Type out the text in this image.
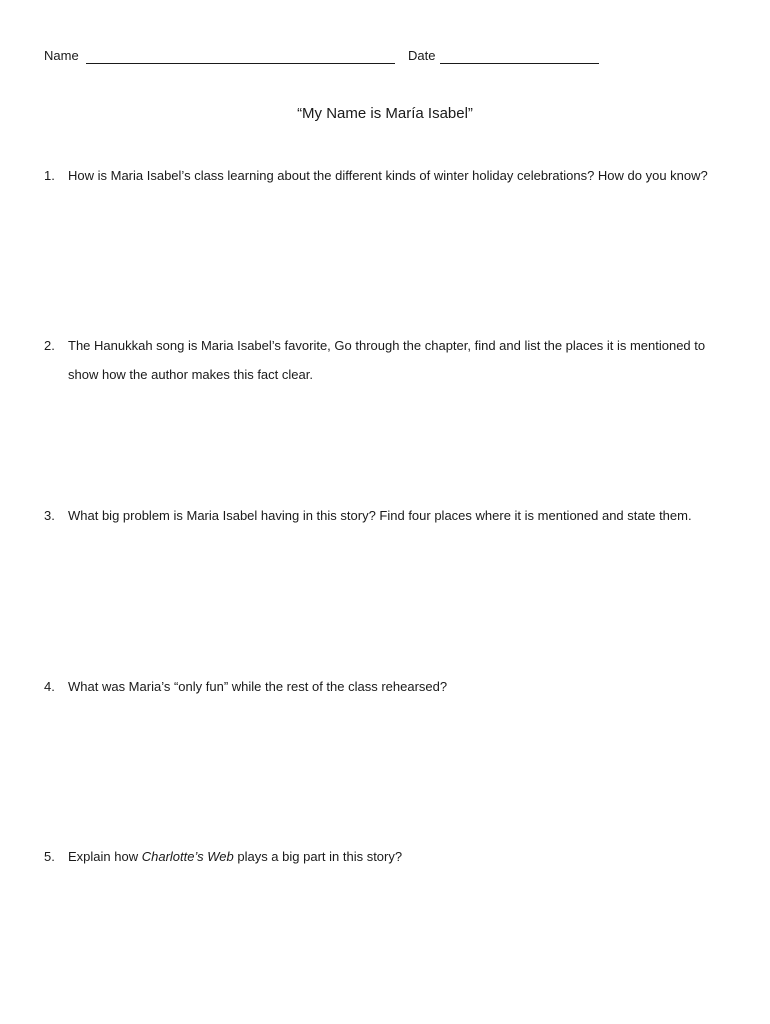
Name	Date
“My Name is María Isabel”
1. How is Maria Isabel’s class learning about the different kinds of winter holiday celebrations? How do you know?
2. The Hanukkah song is Maria Isabel’s favorite, Go through the chapter, find and list the places it is mentioned to show how the author makes this fact clear.
3. What big problem is Maria Isabel having in this story? Find four places where it is mentioned and state them.
4. What was Maria’s “only fun” while the rest of the class rehearsed?
5. Explain how Charlotte’s Web plays a big part in this story?
